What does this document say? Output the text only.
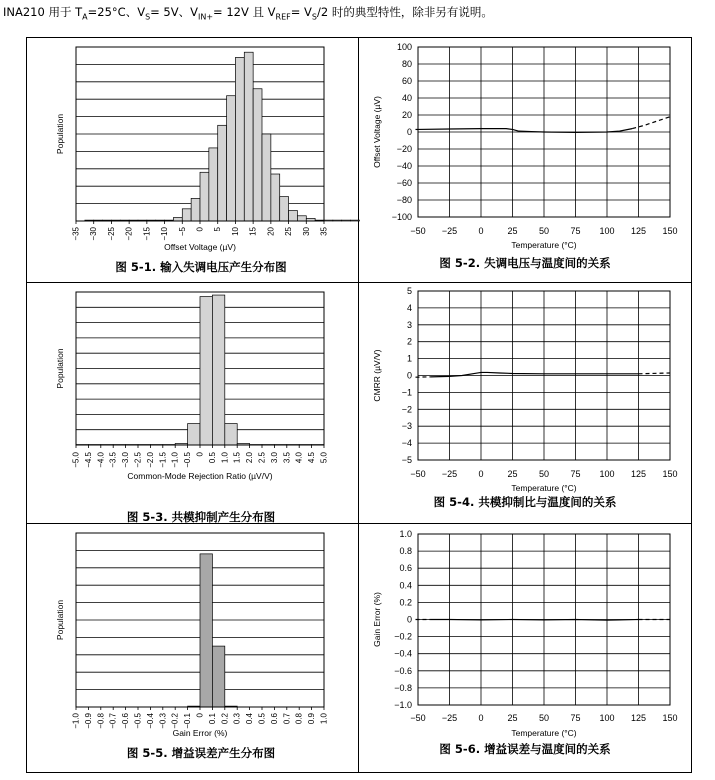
INA210 用于 $T_A=25^\circ C$、$V_S= 5V$、$V_{IN+}= 12V$ 且 $V_{REF}= V_S/2$ 时的典型特性，除非另有说明。
−35 −30 −25 −20 −15 −10 −5 0 5 10 15 20 25 30 35
Offset Voltage (µV)
Population
图 5-1. 输入失调电压产生分布图
−50 −25 0	25 50 75 100 125 150
100
80
60
40
20
0
−20
−40
−60
−80
−100
Temperature (°C)
Offset Voltage (µV)
图 5-2. 失调电压与温度间的关系
−5.0 −4.5 −4.0 −3.5 −3.0 −2.5 −2.0 −1.5 −1.0 −0.5 0 0.5 1.0 1.5 2.0 2.5 3.0 3.5 4.0 4.5 5.0
Common-Mode Rejection Ratio (µV/V)
Population
图 5-3. 共模抑制产生分布图
−50 −25 0	25 50 75 100 125 150
5
4
3
2
1
0
−1
−2
−3
−4
−5
Temperature (°C)
CMRR (µV/V)
图 5-4. 共模抑制比与温度间的关系
−1.0 −0.9 −0.8 −0.7 −0.6 −0.5 −0.4 −0.3 −0.2 −0.1 0 0.1 0.2 0.3 0.4 0.5 0.6 0.7 0.8 0.9 1.0
Gain Error (%)
Population
图 5-5. 增益误差产生分布图
−50 −25 0	25 50 75 100 125 150
1.0
0.8
0.6
0.4
0.2
0
−0.2
−0.4
−0.6
−0.8
−1.0
Temperature (°C)
Gain Error (%)
图 5-6. 增益误差与温度间的关系
